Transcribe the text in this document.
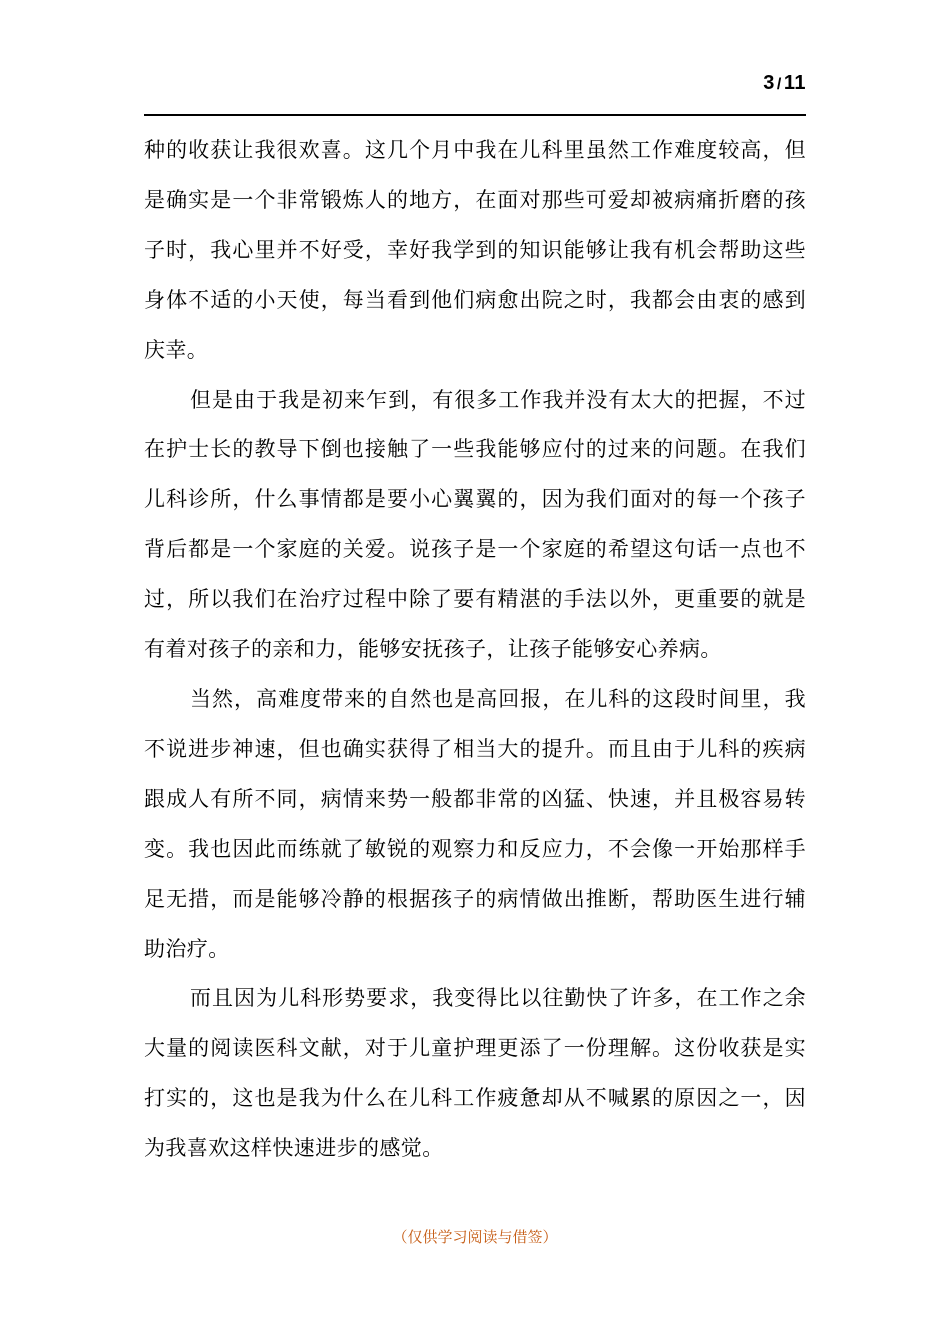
3 / 11

种的收获让我很欢喜。这几个月中我在儿科里虽然工作难度较高，但是确实是一个非常锻炼人的地方，在面对那些可爱却被病痛折磨的孩子时，我心里并不好受，幸好我学到的知识能够让我有机会帮助这些身体不适的小天使，每当看到他们病愈出院之时，我都会由衷的感到庆幸。

但是由于我是初来乍到，有很多工作我并没有太大的把握，不过在护士长的教导下倒也接触了一些我能够应付的过来的问题。在我们儿科诊所，什么事情都是要小心翼翼的，因为我们面对的每一个孩子背后都是一个家庭的关爱。说孩子是一个家庭的希望这句话一点也不过，所以我们在治疗过程中除了要有精湛的手法以外，更重要的就是有着对孩子的亲和力，能够安抚孩子，让孩子能够安心养病。

当然，高难度带来的自然也是高回报，在儿科的这段时间里，我不说进步神速，但也确实获得了相当大的提升。而且由于儿科的疾病跟成人有所不同，病情来势一般都非常的凶猛、快速，并且极容易转变。我也因此而练就了敏锐的观察力和反应力，不会像一开始那样手足无措，而是能够冷静的根据孩子的病情做出推断，帮助医生进行辅助治疗。

而且因为儿科形势要求，我变得比以往勤快了许多，在工作之余大量的阅读医科文献，对于儿童护理更添了一份理解。这份收获是实打实的，这也是我为什么在儿科工作疲惫却从不喊累的原因之一，因为我喜欢这样快速进步的感觉。

（仅供学习阅读与借签）
